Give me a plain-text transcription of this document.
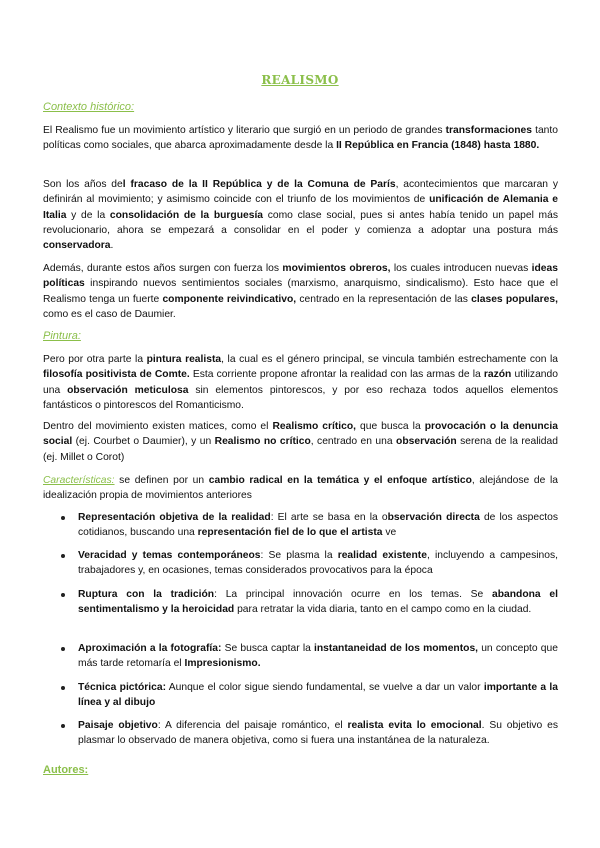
REALISMO
Contexto histórico:

El Realismo fue un movimiento artístico y literario que surgió en un periodo de grandes transformaciones tanto políticas como sociales, que abarca aproximadamente desde la II República en Francia (1848) hasta 1880.

Son los años del fracaso de la II República y de la Comuna de París, acontecimientos que marcaran y definirán al movimiento; y asimismo coincide con el triunfo de los movimientos de unificación de Alemania e Italia y de la consolidación de la burguesía como clase social, pues si antes había tenido un papel más revolucionario, ahora se empezará a consolidar en el poder y comienza a adoptar una postura más conservadora.

Además, durante estos años surgen con fuerza los movimientos obreros, los cuales introducen nuevas ideas políticas inspirando nuevos sentimientos sociales (marxismo, anarquismo, sindicalismo). Esto hace que el Realismo tenga un fuerte componente reivindicativo, centrado en la representación de las clases populares, como es el caso de Daumier.

Pintura:

Pero por otra parte la pintura realista, la cual es el género principal, se vincula también estrechamente con la filosofía positivista de Comte. Esta corriente propone afrontar la realidad con las armas de la razón utilizando una observación meticulosa sin elementos pintorescos, y por eso rechaza todos aquellos elementos fantásticos o pintorescos del Romanticismo.

Dentro del movimiento existen matices, como el Realismo crítico, que busca la provocación o la denuncia social (ej. Courbet o Daumier), y un Realismo no crítico, centrado en una observación serena de la realidad (ej. Millet o Corot)

Características: se definen por un cambio radical en la temática y el enfoque artístico, alejándose de la idealización propia de movimientos anteriores

Representación objetiva de la realidad: El arte se basa en la observación directa de los aspectos cotidianos, buscando una representación fiel de lo que el artista ve

Veracidad y temas contemporáneos: Se plasma la realidad existente, incluyendo a campesinos, trabajadores y, en ocasiones, temas considerados provocativos para la época

Ruptura con la tradición: La principal innovación ocurre en los temas. Se abandona el sentimentalismo y la heroicidad para retratar la vida diaria, tanto en el campo como en la ciudad.

Aproximación a la fotografía: Se busca captar la instantaneidad de los momentos, un concepto que más tarde retomaría el Impresionismo.

Técnica pictórica: Aunque el color sigue siendo fundamental, se vuelve a dar un valor importante a la línea y al dibujo

Paisaje objetivo: A diferencia del paisaje romántico, el realista evita lo emocional. Su objetivo es plasmar lo observado de manera objetiva, como si fuera una instantánea de la naturaleza.

Autores:
